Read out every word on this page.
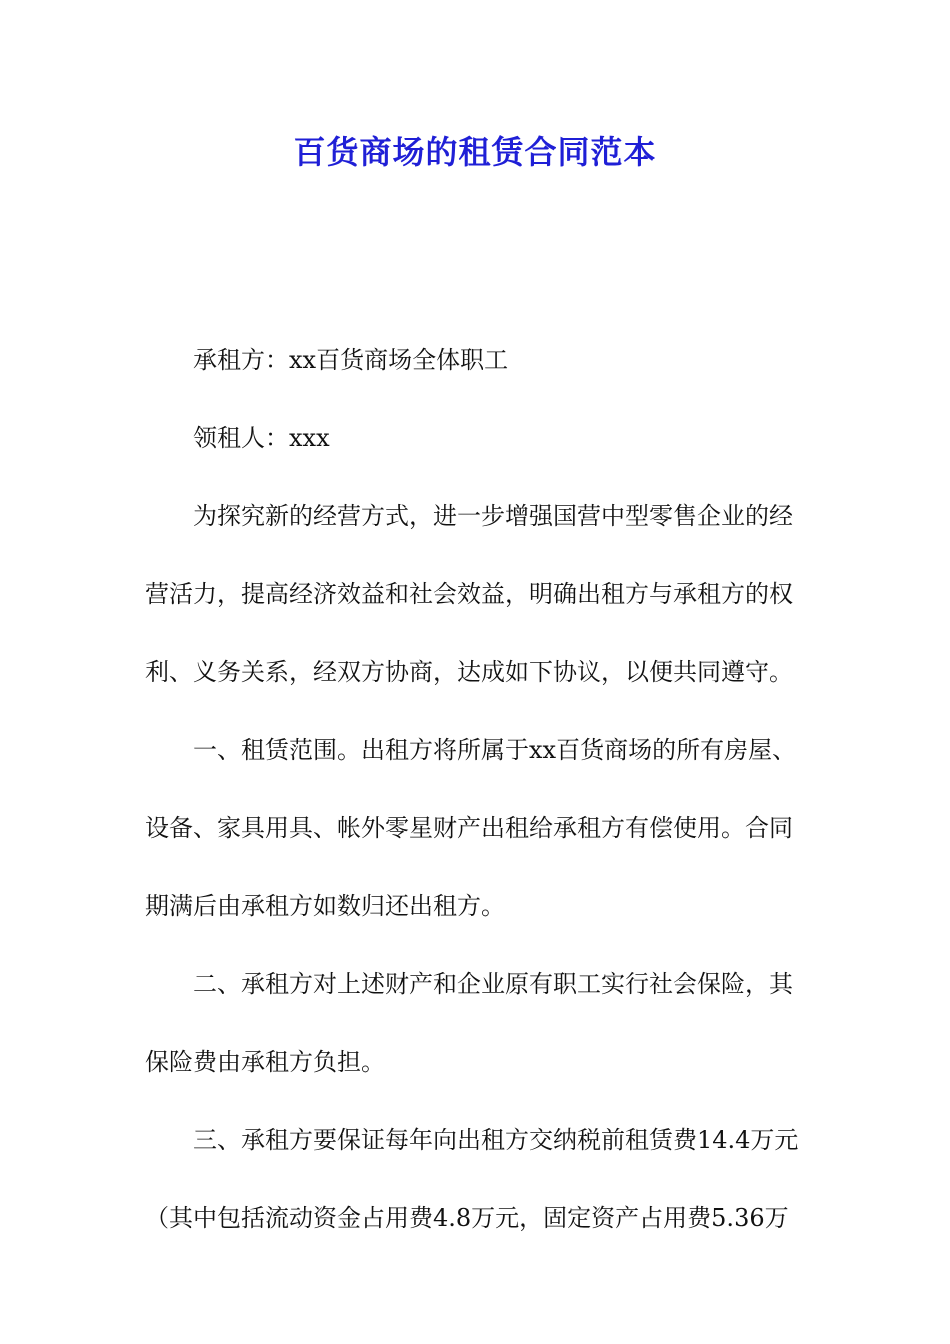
百货商场的租赁合同范本
承租方：xx百货商场全体职工
领租人：xxx
为探究新的经营方式，进一步增强国营中型零售企业的经
营活力，提高经济效益和社会效益，明确出租方与承租方的权
利、义务关系，经双方协商，达成如下协议，以便共同遵守。
一、租赁范围。出租方将所属于xx百货商场的所有房屋、
设备、家具用具、帐外零星财产出租给承租方有偿使用。合同
期满后由承租方如数归还出租方。
二、承租方对上述财产和企业原有职工实行社会保险，其
保险费由承租方负担。
三、承租方要保证每年向出租方交纳税前租赁费14.4万元
（其中包括流动资金占用费4.8万元，固定资产占用费5.36万
